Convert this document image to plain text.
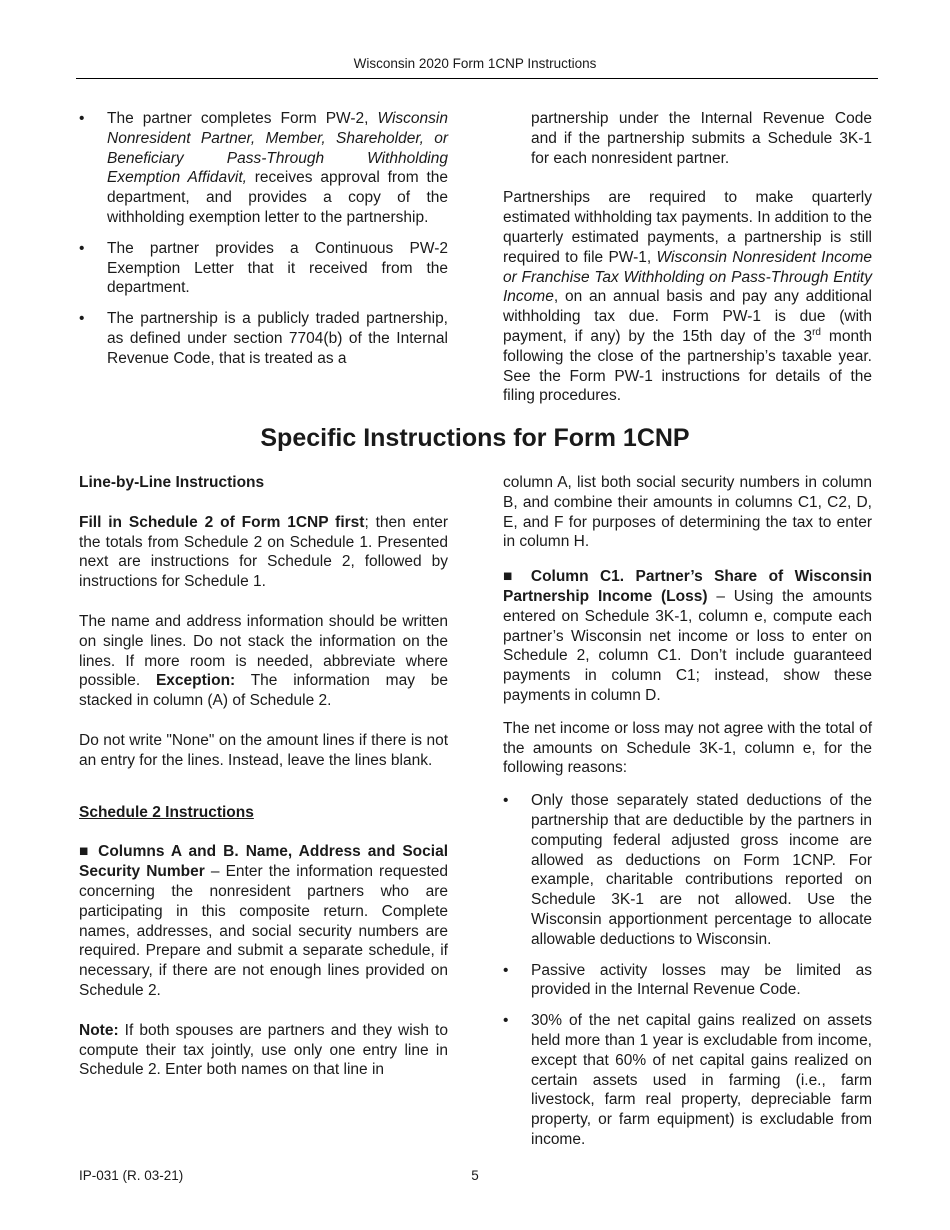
Wisconsin 2020 Form 1CNP Instructions
• The partner completes Form PW-2, Wisconsin Nonresident Partner, Member, Shareholder, or Beneficiary Pass-Through Withholding Exemption Affidavit, receives approval from the department, and provides a copy of the withholding exemption letter to the partnership.
• The partner provides a Continuous PW-2 Exemption Letter that it received from the department.
• The partnership is a publicly traded partnership, as defined under section 7704(b) of the Internal Revenue Code, that is treated as a
partnership under the Internal Revenue Code and if the partnership submits a Schedule 3K-1 for each nonresident partner.

Partnerships are required to make quarterly estimated withholding tax payments. In addition to the quarterly estimated payments, a partnership is still required to file PW-1, Wisconsin Nonresident Income or Franchise Tax Withholding on Pass-Through Entity Income, on an annual basis and pay any additional withholding tax due. Form PW-1 is due (with payment, if any) by the 15th day of the 3rd month following the close of the partnership’s taxable year. See the Form PW-1 instructions for details of the filing procedures.

Specific Instructions for Form 1CNP

Line-by-Line Instructions

Fill in Schedule 2 of Form 1CNP first; then enter the totals from Schedule 2 on Schedule 1. Presented next are instructions for Schedule 2, followed by instructions for Schedule 1.

The name and address information should be written on single lines. Do not stack the information on the lines. If more room is needed, abbreviate where possible. Exception: The information may be stacked in column (A) of Schedule 2.

Do not write "None" on the amount lines if there is not an entry for the lines. Instead, leave the lines blank.

Schedule 2 Instructions

■ Columns A and B. Name, Address and Social Security Number – Enter the information requested concerning the nonresident partners who are participating in this composite return. Complete names, addresses, and social security numbers are required. Prepare and submit a separate schedule, if necessary, if there are not enough lines provided on Schedule 2.

Note: If both spouses are partners and they wish to compute their tax jointly, use only one entry line in Schedule 2. Enter both names on that line in

column A, list both social security numbers in column B, and combine their amounts in columns C1, C2, D, E, and F for purposes of determining the tax to enter in column H.

■ Column C1. Partner’s Share of Wisconsin Partnership Income (Loss) – Using the amounts entered on Schedule 3K-1, column e, compute each partner’s Wisconsin net income or loss to enter on Schedule 2, column C1. Don’t include guaranteed payments in column C1; instead, show these payments in column D.

The net income or loss may not agree with the total of the amounts on Schedule 3K-1, column e, for the following reasons:

• Only those separately stated deductions of the partnership that are deductible by the partners in computing federal adjusted gross income are allowed as deductions on Form 1CNP. For example, charitable contributions reported on Schedule 3K-1 are not allowed. Use the Wisconsin apportionment percentage to allocate allowable deductions to Wisconsin.
• Passive activity losses may be limited as provided in the Internal Revenue Code.
• 30% of the net capital gains realized on assets held more than 1 year is excludable from income, except that 60% of net capital gains realized on certain assets used in farming (i.e., farm livestock, farm real property, depreciable farm property, or farm equipment) is excludable from income.
IP-031 (R. 03-21)	5
